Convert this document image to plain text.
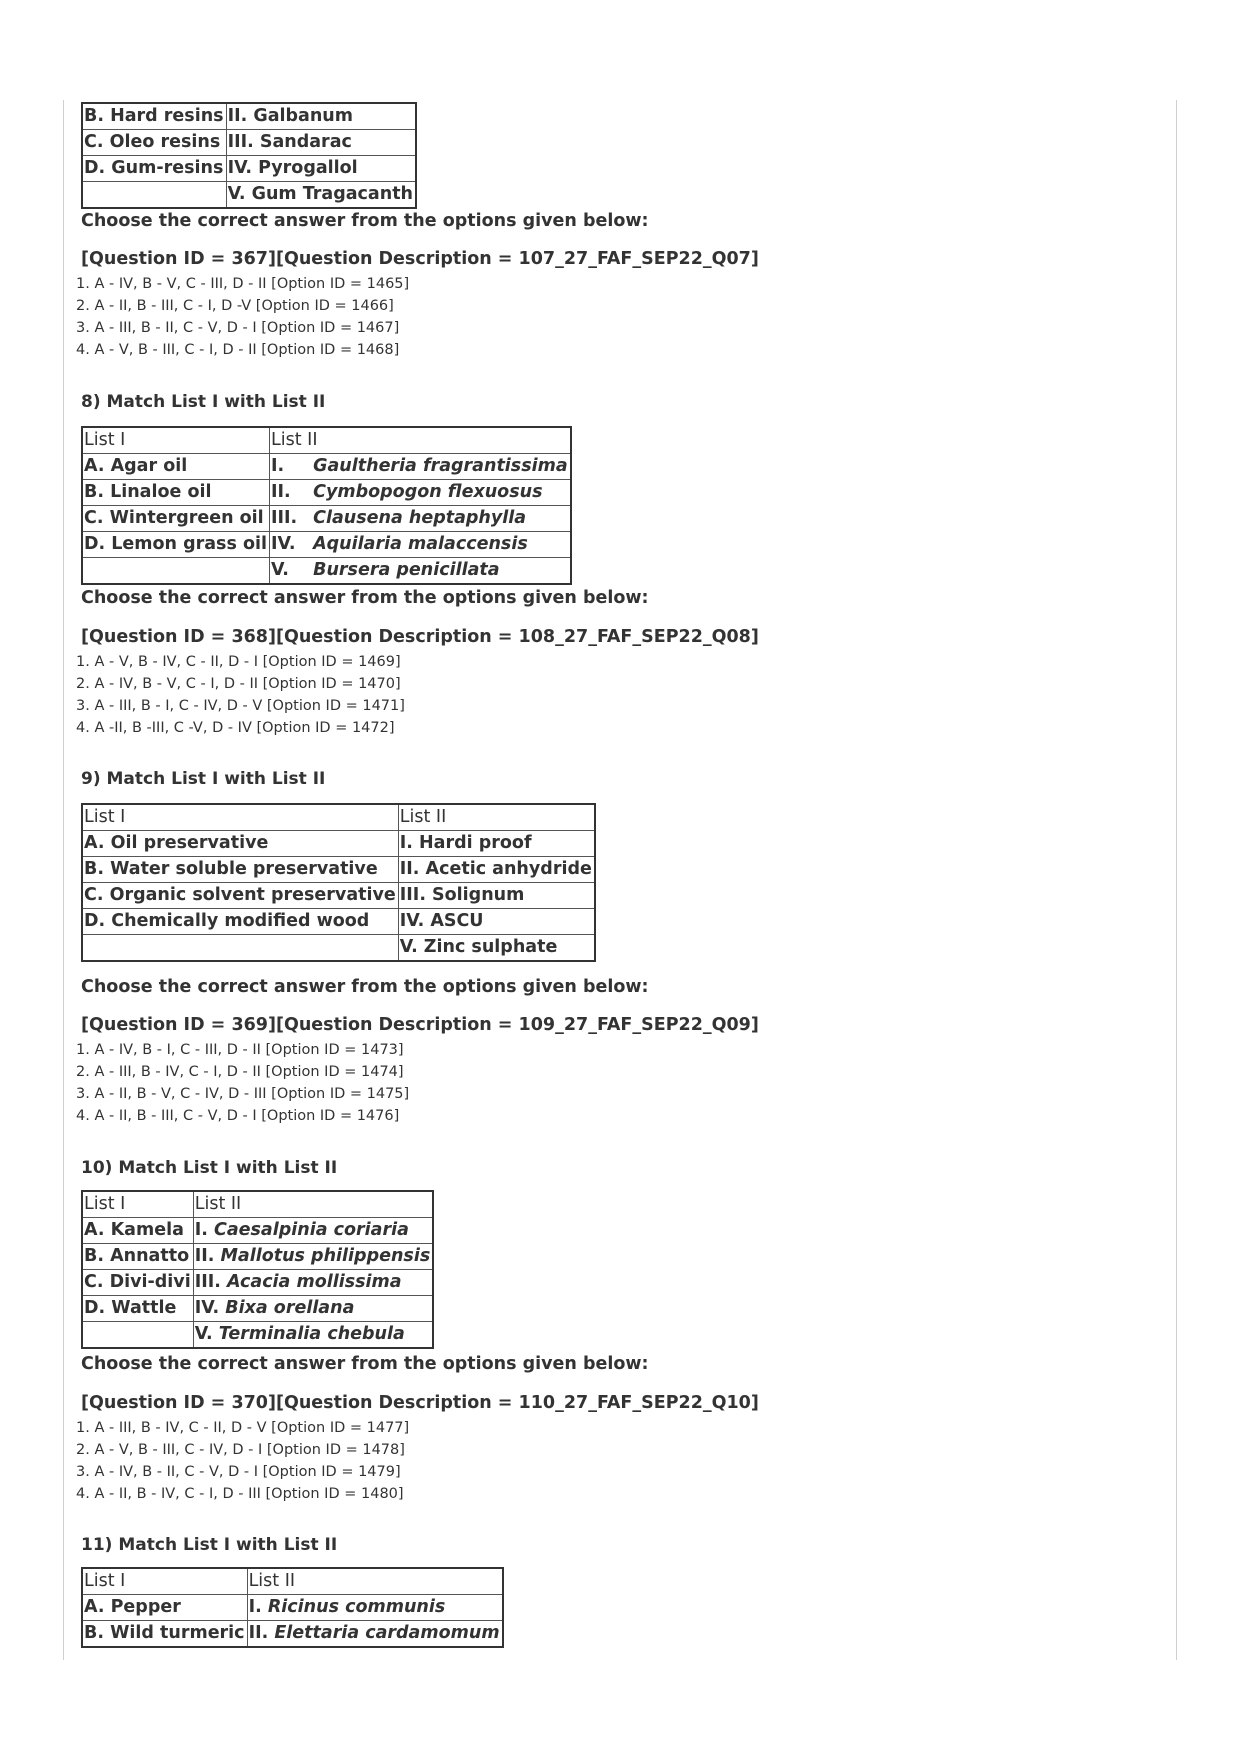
B. Hard resins	II. Galbanum
C. Oleo resins	III. Sandarac
D. Gum-resins	IV. Pyrogallol
	V. Gum Tragacanth
Choose the correct answer from the options given below:
[Question ID = 367][Question Description = 107_27_FAF_SEP22_Q07]
1. A - IV, B - V, C - III, D - II [Option ID = 1465]
2. A - II, B - III, C - I, D -V [Option ID = 1466]
3. A - III, B - II, C - V, D - I [Option ID = 1467]
4. A - V, B - III, C - I, D - II [Option ID = 1468]
8) Match List I with List II
List I	List II
A. Agar oil	I. Gaultheria fragrantissima
B. Linaloe oil	II. Cymbopogon flexuosus
C. Wintergreen oil	III. Clausena heptaphylla
D. Lemon grass oil	IV. Aquilaria malaccensis
	V. Bursera penicillata
Choose the correct answer from the options given below:
[Question ID = 368][Question Description = 108_27_FAF_SEP22_Q08]
1. A - V, B - IV, C - II, D - I [Option ID = 1469]
2. A - IV, B - V, C - I, D - II [Option ID = 1470]
3. A - III, B - I, C - IV, D - V [Option ID = 1471]
4. A -II, B -III, C -V, D - IV [Option ID = 1472]
9) Match List I with List II
List I	List II
A. Oil preservative	I. Hardi proof
B. Water soluble preservative	II. Acetic anhydride
C. Organic solvent preservative	III. Solignum
D. Chemically modified wood	IV. ASCU
	V. Zinc sulphate
Choose the correct answer from the options given below:
[Question ID = 369][Question Description = 109_27_FAF_SEP22_Q09]
1. A - IV, B - I, C - III, D - II [Option ID = 1473]
2. A - III, B - IV, C - I, D - II [Option ID = 1474]
3. A - II, B - V, C - IV, D - III [Option ID = 1475]
4. A - II, B - III, C - V, D - I [Option ID = 1476]
10) Match List I with List II
List I	List II
A. Kamela	I. Caesalpinia coriaria
B. Annatto	II. Mallotus philippensis
C. Divi-divi	III. Acacia mollissima
D. Wattle	IV. Bixa orellana
	V. Terminalia chebula
Choose the correct answer from the options given below:
[Question ID = 370][Question Description = 110_27_FAF_SEP22_Q10]
1. A - III, B - IV, C - II, D - V [Option ID = 1477]
2. A - V, B - III, C - IV, D - I [Option ID = 1478]
3. A - IV, B - II, C - V, D - I [Option ID = 1479]
4. A - II, B - IV, C - I, D - III [Option ID = 1480]
11) Match List I with List II
List I	List II
A. Pepper	I. Ricinus communis
B. Wild turmeric	II. Elettaria cardamomum
